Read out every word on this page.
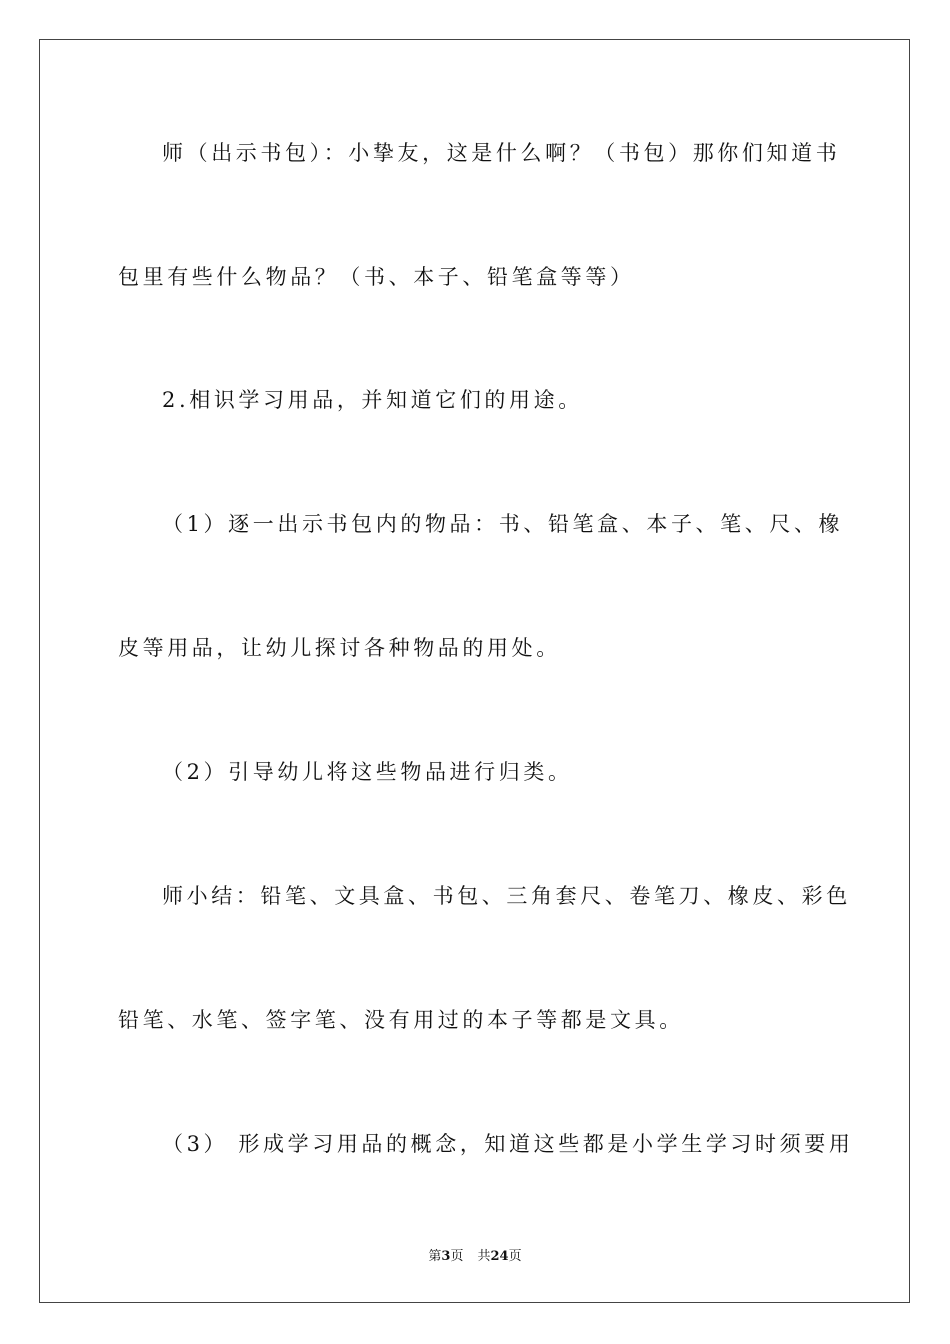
师（出示书包）：小挚友，这是什么啊？（书包）那你们知道书
包里有些什么物品？（书、本子、铅笔盒等等）
2.相识学习用品，并知道它们的用途。
（1）逐一出示书包内的物品：书、铅笔盒、本子、笔、尺、橡
皮等用品，让幼儿探讨各种物品的用处。
（2）引导幼儿将这些物品进行归类。
师小结：铅笔、文具盒、书包、三角套尺、卷笔刀、橡皮、彩色
铅笔、水笔、签字笔、没有用过的本子等都是文具。
（3） 形成学习用品的概念，知道这些都是小学生学习时须要用
第3页 共24页
